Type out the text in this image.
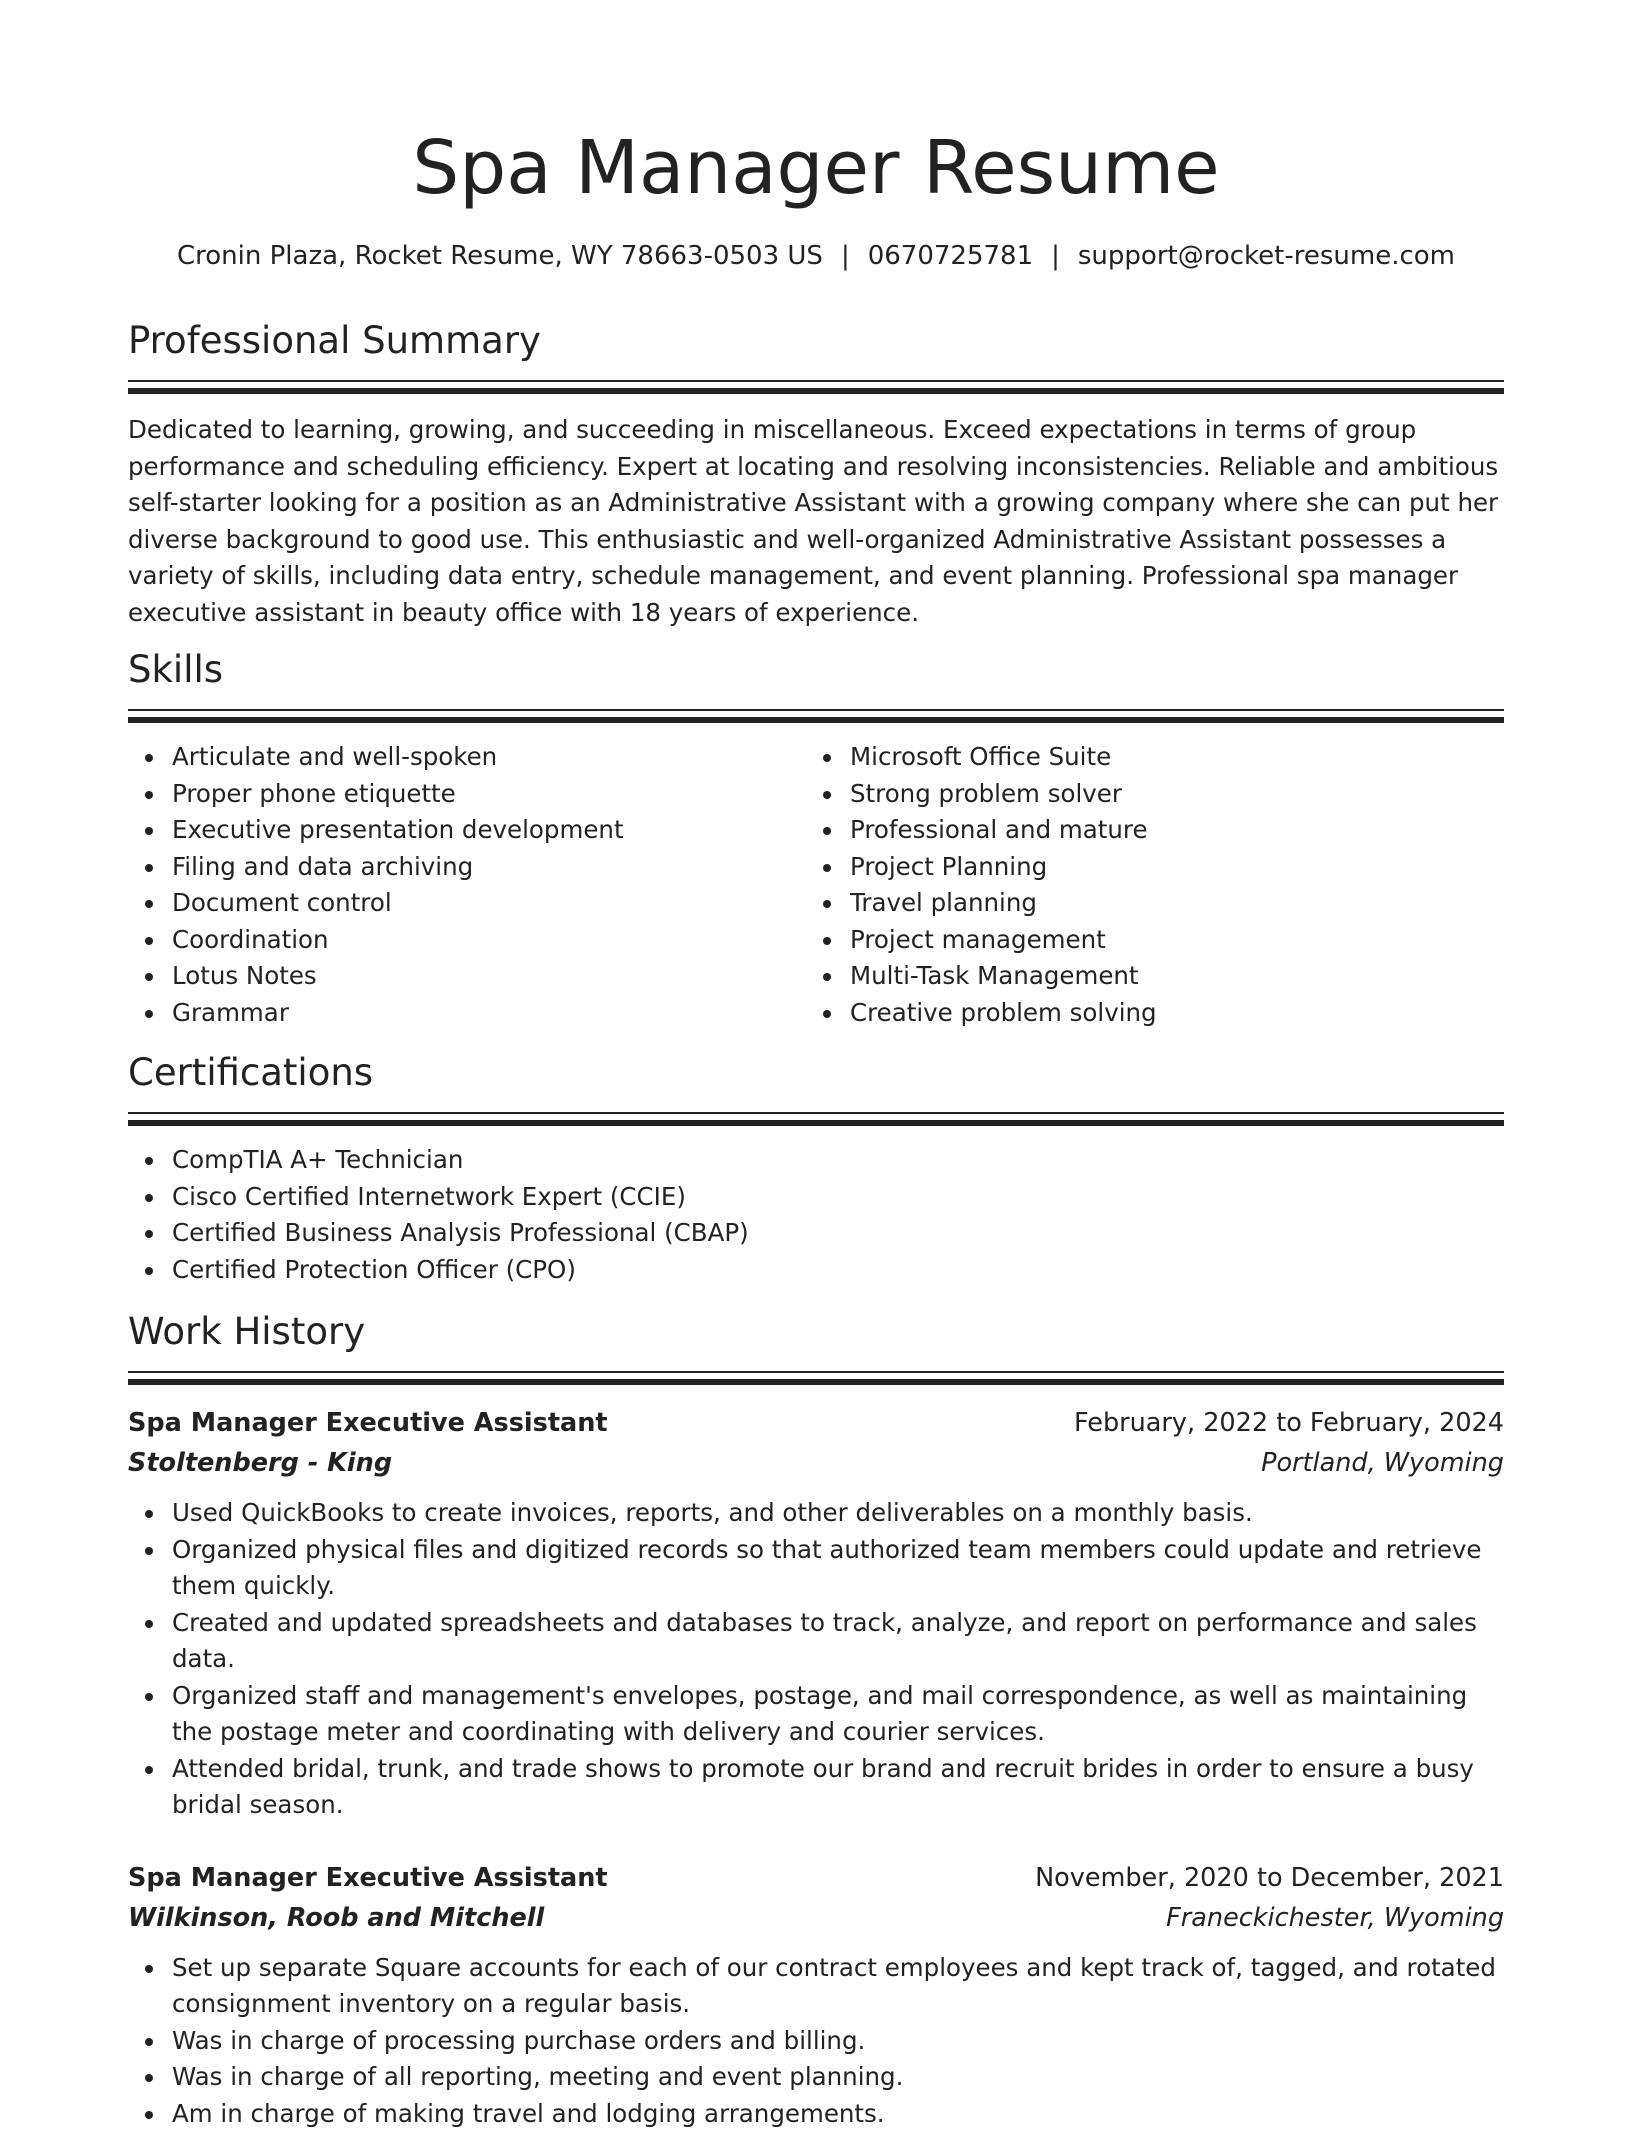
Spa Manager Resume
Cronin Plaza, Rocket Resume, WY 78663-0503 US | 0670725781 | support@rocket-resume.com
Professional Summary

Dedicated to learning, growing, and succeeding in miscellaneous. Exceed expectations in terms of group performance and scheduling efficiency. Expert at locating and resolving inconsistencies. Reliable and ambitious self-starter looking for a position as an Administrative Assistant with a growing company where she can put her diverse background to good use. This enthusiastic and well-organized Administrative Assistant possesses a variety of skills, including data entry, schedule management, and event planning. Professional spa manager executive assistant in beauty office with 18 years of experience.

Skills
Articulate and well-spoken
Proper phone etiquette
Executive presentation development
Filing and data archiving
Document control
Coordination
Lotus Notes
Grammar
Microsoft Office Suite
Strong problem solver
Professional and mature
Project Planning
Travel planning
Project management
Multi-Task Management
Creative problem solving
Certifications
CompTIA A+ Technician
Cisco Certified Internetwork Expert (CCIE)
Certified Business Analysis Professional (CBAP)
Certified Protection Officer (CPO)
Work History
Spa Manager Executive Assistant	February, 2022 to February, 2024
Stoltenberg - King	Portland, Wyoming
Used QuickBooks to create invoices, reports, and other deliverables on a monthly basis.
Organized physical files and digitized records so that authorized team members could update and retrieve them quickly.
Created and updated spreadsheets and databases to track, analyze, and report on performance and sales data.
Organized staff and management's envelopes, postage, and mail correspondence, as well as maintaining the postage meter and coordinating with delivery and courier services.
Attended bridal, trunk, and trade shows to promote our brand and recruit brides in order to ensure a busy bridal season.
Spa Manager Executive Assistant	November, 2020 to December, 2021
Wilkinson, Roob and Mitchell	Franeckichester, Wyoming
Set up separate Square accounts for each of our contract employees and kept track of, tagged, and rotated consignment inventory on a regular basis.
Was in charge of processing purchase orders and billing.
Was in charge of all reporting, meeting and event planning.
Am in charge of making travel and lodging arrangements.
